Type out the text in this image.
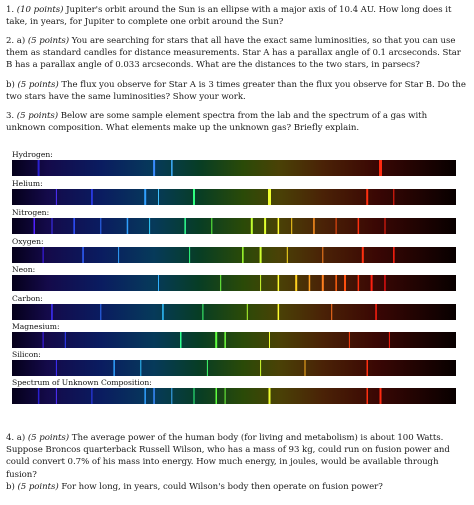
1. (10 points) Jupiter's orbit around the Sun is an ellipse with a major axis of 10.4 AU. How long does it take, in years, for Jupiter to complete one orbit around the Sun?
2. a) (5 points) You are searching for stars that all have the exact same luminosities, so that you can use them as standard candles for distance measurements. Star A has a parallax angle of 0.1 arcseconds. Star B has a parallax angle of 0.033 arcseconds. What are the distances to the two stars, in parsecs?
b) (5 points) The flux you observe for Star A is 3 times greater than the flux you observe for Star B. Do the two stars have the same luminosities? Show your work.
3. (5 points) Below are some sample element spectra from the lab and the spectrum of a gas with unknown composition. What elements make up the unknown gas? Briefly explain.
Hydrogen:
Helium:
Nitrogen:
Oxygen:
Neon:
Carbon:
Magnesium:
Silicon:
Spectrum of Unknown Composition:
4. a) (5 points) The average power of the human body (for living and metabolism) is about 100 Watts. Suppose Broncos quarterback Russell Wilson, who has a mass of 93 kg, could run on fusion power and could convert 0.7% of his mass into energy. How much energy, in joules, would be available through fusion?
b) (5 points) For how long, in years, could Wilson's body then operate on fusion power?
